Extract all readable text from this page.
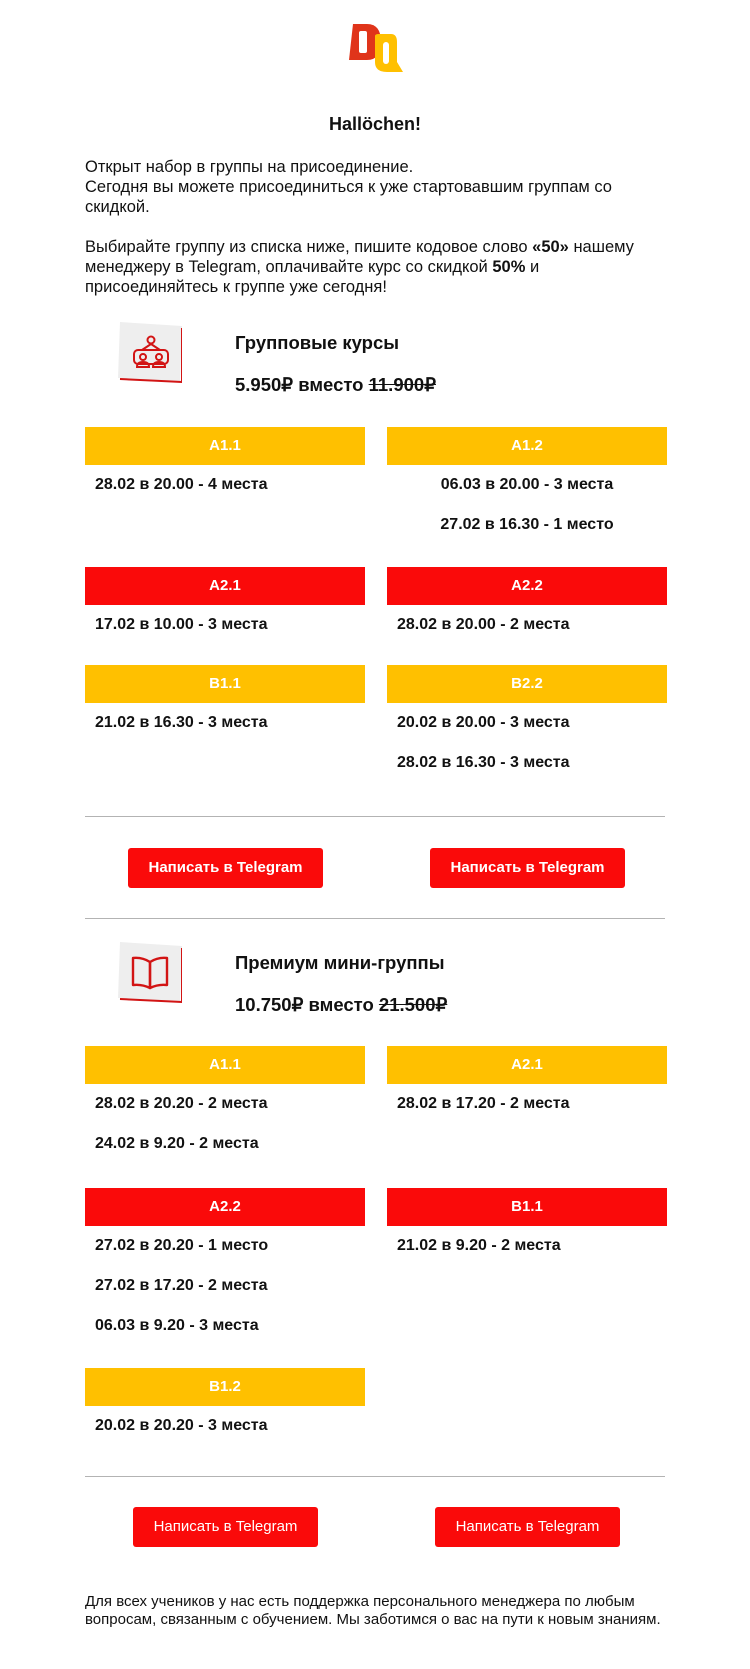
Hallöchen!

Открыт набор в группы на присоединение.

Сегодня вы можете присоединиться к уже стартовавшим группам со скидкой.

Выбирайте группу из списка ниже, пишите кодовое слово «50» нашему менеджеру в Telegram, оплачивайте курс со скидкой 50% и присоединяйтесь к группе уже сегодня!

Групповые курсы
5.950₽ вместо 11.900₽
A1.1
28.02 в 20.00 - 4 места
A1.2
06.03 в 20.00 - 3 места
27.02 в 16.30 - 1 место
A2.1
17.02 в 10.00 - 3 места
A2.2
28.02 в 20.00 - 2 места
B1.1
21.02 в 16.30 - 3 места
B2.2
20.02 в 20.00 - 3 места
28.02 в 16.30 - 3 места
Написать в Telegram	Написать в Telegram
Премиум мини-группы
10.750₽ вместо 21.500₽
A1.1
28.02 в 20.20 - 2 места
24.02 в 9.20 - 2 места
A2.1
28.02 в 17.20 - 2 места
A2.2
27.02 в 20.20 - 1 место
27.02 в 17.20 - 2 места
06.03 в 9.20 - 3 места
B1.1
21.02 в 9.20 - 2 места
B1.2
20.02 в 20.20 - 3 места
Написать в Telegram	Написать в Telegram
Для всех учеников у нас есть поддержка персонального менеджера по любым вопросам, связанным с обучением. Мы заботимся о вас на пути к новым знаниям.
